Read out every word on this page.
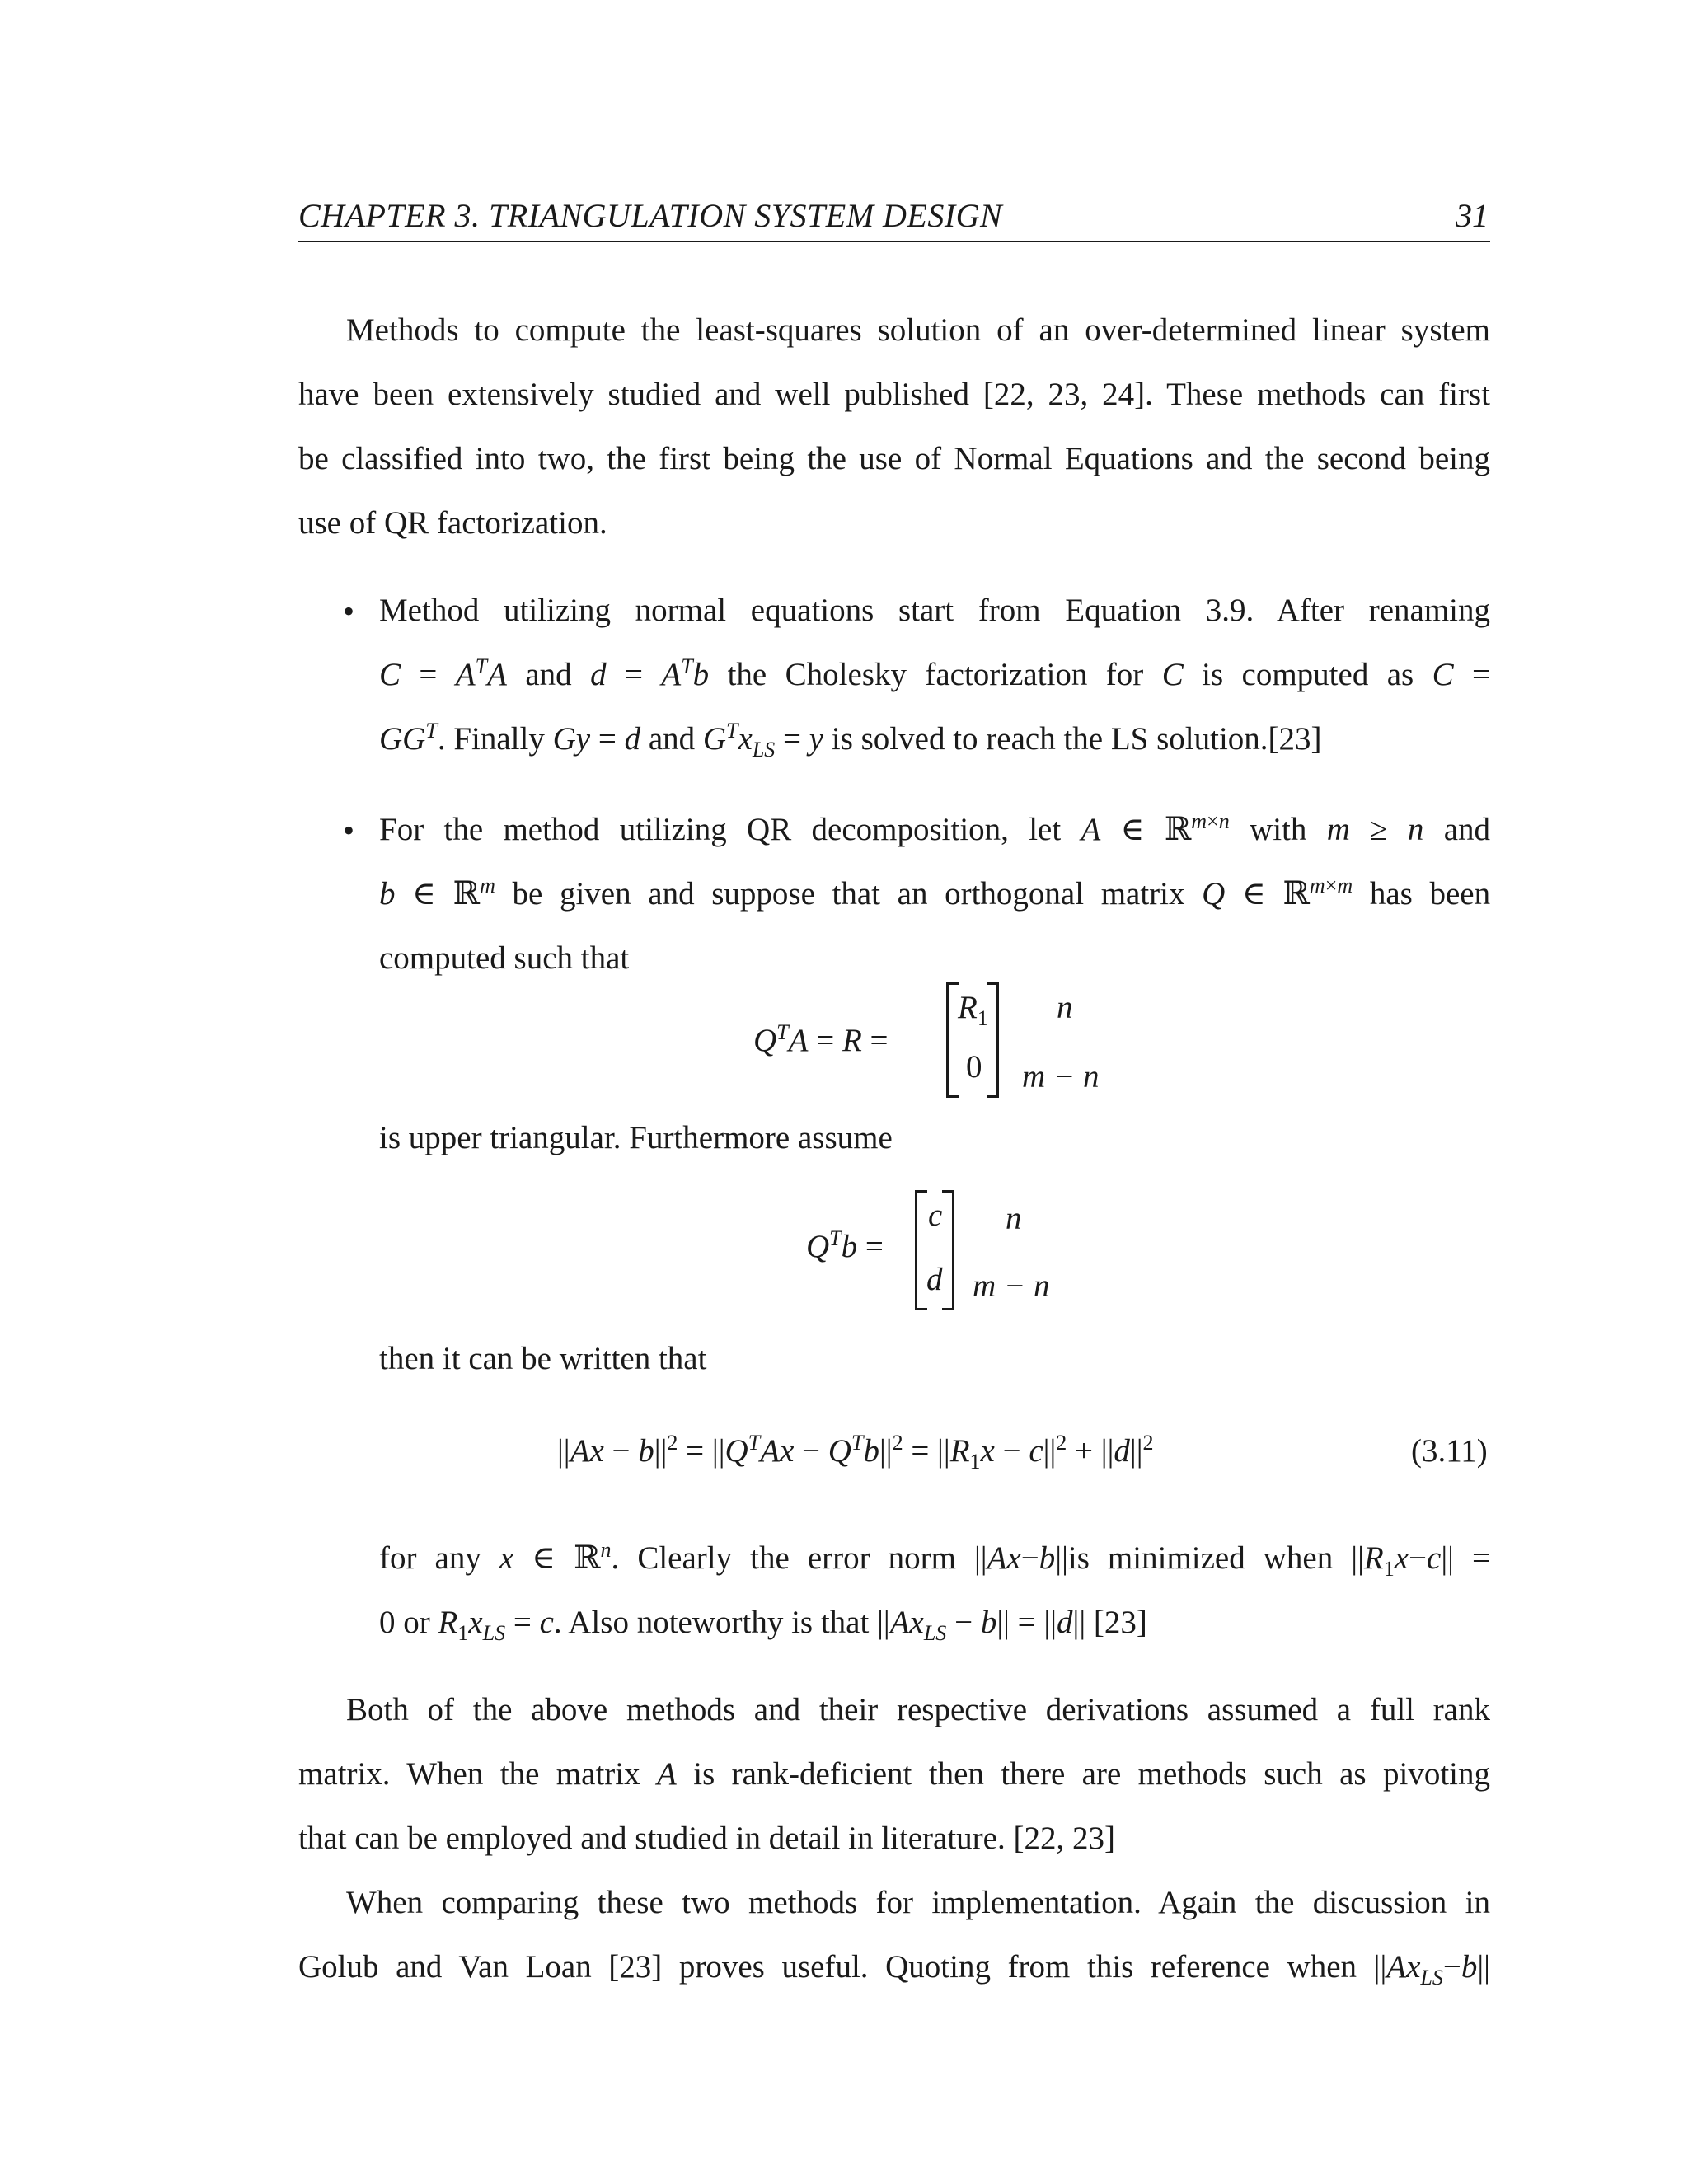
CHAPTER 3. TRIANGULATION SYSTEM DESIGN	31
Methods to compute the least-squares solution of an over-determined linear system
have been extensively studied and well published [22, 23, 24]. These methods can first
be classified into two, the first being the use of Normal Equations and the second being
use of QR factorization.
• Method utilizing normal equations start from Equation 3.9. After renaming
$C = A^TA$ and $d = A^Tb$ the Cholesky factorization for C is computed as C =
$GG^T$. Finally Gy = d and $G^Tx_{LS} = y$ is solved to reach the LS solution.[23]
• For the method utilizing QR decomposition, let A ∈ ℝ$^{m\times n}$ with m ≥ n and
b ∈ ℝ$^m$ be given and suppose that an orthogonal matrix Q ∈ ℝ$^{m\times m}$ has been
computed such that
$Q^TA = R$ =
$R_1$
0
n
m − n
is upper triangular. Furthermore assume
$Q^Tb$ =
c
d
n
m − n
then it can be written that
$||Ax - b||^2 = ||Q^TAx - Q^Tb||^2 = ||R_1x - c||^2 + ||d||^2$	(3.11)
for any x ∈ ℝ$^n$. Clearly the error norm ||Ax−b||is minimized when $||R_1x-c||$ =
0 or $R_1x_{LS} = c$. Also noteworthy is that $||Ax_{LS} - b|| = ||d||$ [23]
Both of the above methods and their respective derivations assumed a full rank
matrix. When the matrix A is rank-deficient then there are methods such as pivoting
that can be employed and studied in detail in literature. [22, 23]
When comparing these two methods for implementation. Again the discussion in
Golub and Van Loan [23] proves useful. Quoting from this reference when $||Ax_{LS}-b||$
